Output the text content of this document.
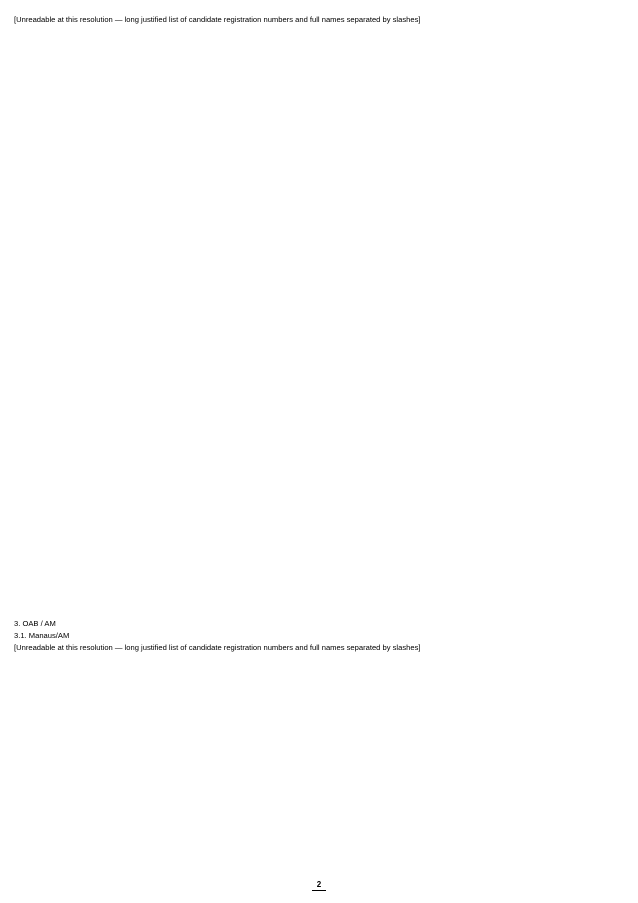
[Unreadable at this resolution — long justified list of candidate registration numbers and full names separated by slashes]

3. OAB / AM

3.1. Manaus/AM

[Unreadable at this resolution — long justified list of candidate registration numbers and full names separated by slashes]

2
